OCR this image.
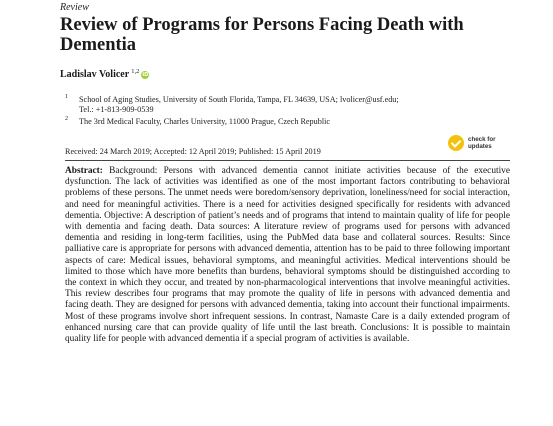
Review
Review of Programs for Persons Facing Death with Dementia
Ladislav Volicer $^{1,2}$ iD
1 School of Aging Studies, University of South Florida, Tampa, FL 34639, USA; lvolicer@usf.edu;
Tel.: +1-813-909-0539
2 The 3rd Medical Faculty, Charles University, 11000 Prague, Czech Republic
check for
updates
Received: 24 March 2019; Accepted: 12 April 2019; Published: 15 April 2019
Abstract: Background: Persons with advanced dementia cannot initiate activities because of the executive dysfunction. The lack of activities was identified as one of the most important factors contributing to behavioral problems of these persons. The unmet needs were boredom/sensory deprivation, loneliness/need for social interaction, and need for meaningful activities. There is a need for activities designed specifically for residents with advanced dementia. Objective: A description of patient’s needs and of programs that intend to maintain quality of life for people with dementia and facing death. Data sources: A literature review of programs used for persons with advanced dementia and residing in long-term facilities, using the PubMed data base and collateral sources. Results: Since palliative care is appropriate for persons with advanced dementia, attention has to be paid to three following important aspects of care: Medical issues, behavioral symptoms, and meaningful activities. Medical interventions should be limited to those which have more benefits than burdens, behavioral symptoms should be distinguished according to the context in which they occur, and treated by non-pharmacological interventions that involve meaningful activities. This review describes four programs that may promote the quality of life in persons with advanced dementia and facing death. They are designed for persons with advanced dementia, taking into account their functional impairments. Most of these programs involve short infrequent sessions. In contrast, Namaste Care is a daily extended program of enhanced nursing care that can provide quality of life until the last breath. Conclusions: It is possible to maintain quality life for people with advanced dementia if a special program of activities is available.
